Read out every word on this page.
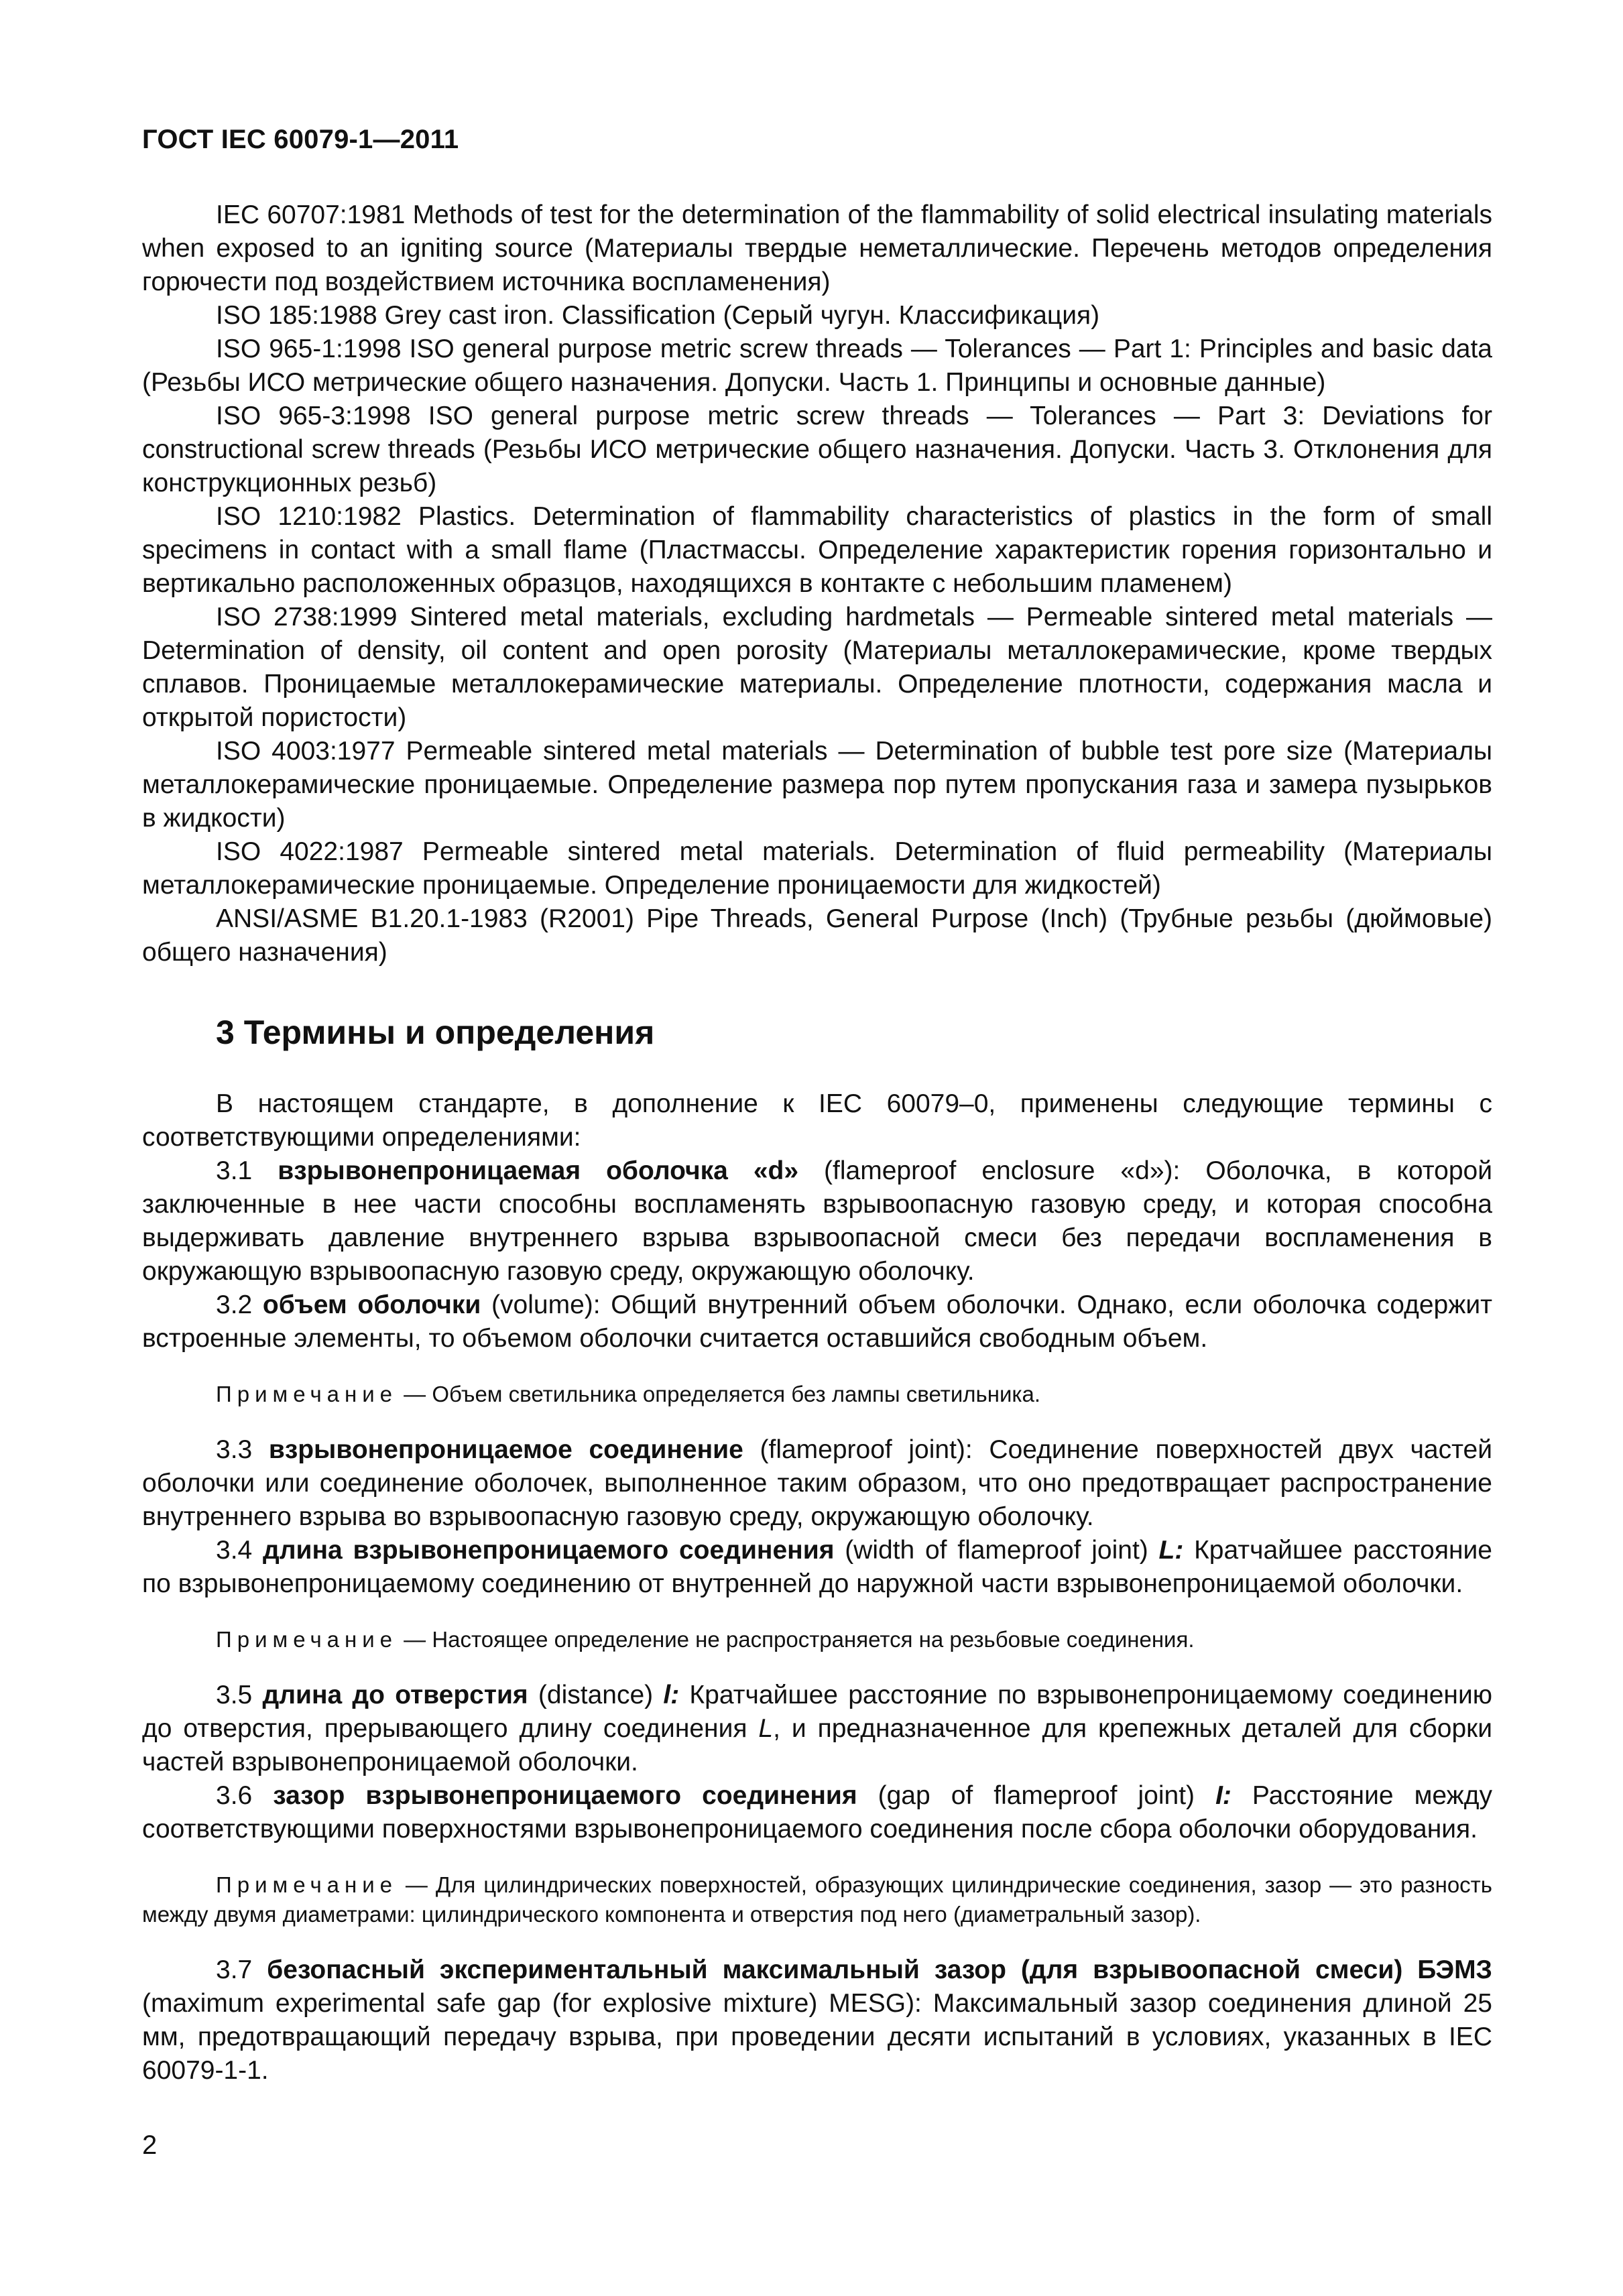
ГОСТ IEC 60079-1—2011

IEC 60707:1981 Methods of test for the determination of the flammability of solid electrical insulating materials when exposed to an igniting source (Материалы твердые неметаллические. Перечень методов определения горючести под воздействием источника воспламенения)

ISO 185:1988 Grey cast iron. Classification (Серый чугун. Классификация)

ISO 965-1:1998 ISO general purpose metric screw threads — Tolerances — Part 1: Principles and basic data (Резьбы ИСО метрические общего назначения. Допуски. Часть 1. Принципы и основные данные)

ISO 965-3:1998 ISO general purpose metric screw threads — Tolerances — Part 3: Deviations for constructional screw threads (Резьбы ИСО метрические общего назначения. Допуски. Часть 3. Отклонения для конструкционных резьб)

ISO 1210:1982 Plastics. Determination of flammability characteristics of plastics in the form of small specimens in contact with a small flame (Пластмассы. Определение характеристик горения горизонтально и вертикально расположенных образцов, находящихся в контакте с небольшим пламенем)

ISO 2738:1999 Sintered metal materials, excluding hardmetals — Permeable sintered metal materials — Determination of density, oil content and open porosity (Материалы металлокерамические, кроме твердых сплавов. Проницаемые металлокерамические материалы. Определение плотности, содержания масла и открытой пористости)

ISO 4003:1977 Permeable sintered metal materials — Determination of bubble test pore size (Материалы металлокерамические проницаемые. Определение размера пор путем пропускания газа и замера пузырьков в жидкости)

ISO 4022:1987 Permeable sintered metal materials. Determination of fluid permeability (Материалы металлокерамические проницаемые. Определение проницаемости для жидкостей)

ANSI/ASME B1.20.1-1983 (R2001) Pipe Threads, General Purpose (Inch) (Трубные резьбы (дюймовые) общего назначения)

3 Термины и определения

В настоящем стандарте, в дополнение к IEC 60079–0, применены следующие термины с соответствующими определениями:

3.1 взрывонепроницаемая оболочка «d» (flameproof enclosure «d»): Оболочка, в которой заключенные в нее части способны воспламенять взрывоопасную газовую среду, и которая способна выдерживать давление внутреннего взрыва взрывоопасной смеси без передачи воспламенения в окружающую взрывоопасную газовую среду, окружающую оболочку.

3.2 объем оболочки (volume): Общий внутренний объем оболочки. Однако, если оболочка содержит встроенные элементы, то объемом оболочки считается оставшийся свободным объем.

Примечание — Объем светильника определяется без лампы светильника.

3.3 взрывонепроницаемое соединение (flameproof joint): Соединение поверхностей двух частей оболочки или соединение оболочек, выполненное таким образом, что оно предотвращает распространение внутреннего взрыва во взрывоопасную газовую среду, окружающую оболочку.

3.4 длина взрывонепроницаемого соединения (width of flameproof joint) L: Кратчайшее расстояние по взрывонепроницаемому соединению от внутренней до наружной части взрывонепроницаемой оболочки.

Примечание — Настоящее определение не распространяется на резьбовые соединения.

3.5 длина до отверстия (distance) l: Кратчайшее расстояние по взрывонепроницаемому соединению до отверстия, прерывающего длину соединения L, и предназначенное для крепежных деталей для сборки частей взрывонепроницаемой оболочки.

3.6 зазор взрывонепроницаемого соединения (gap of flameproof joint) I: Расстояние между соответствующими поверхностями взрывонепроницаемого соединения после сбора оболочки оборудования.

Примечание — Для цилиндрических поверхностей, образующих цилиндрические соединения, зазор — это разность между двумя диаметрами: цилиндрического компонента и отверстия под него (диаметральный зазор).

3.7 безопасный экспериментальный максимальный зазор (для взрывоопасной смеси) БЭМЗ (maximum experimental safe gap (for explosive mixture) MESG): Максимальный зазор соединения длиной 25 мм, предотвращающий передачу взрыва, при проведении десяти испытаний в условиях, указанных в IEC 60079-1-1.

2
